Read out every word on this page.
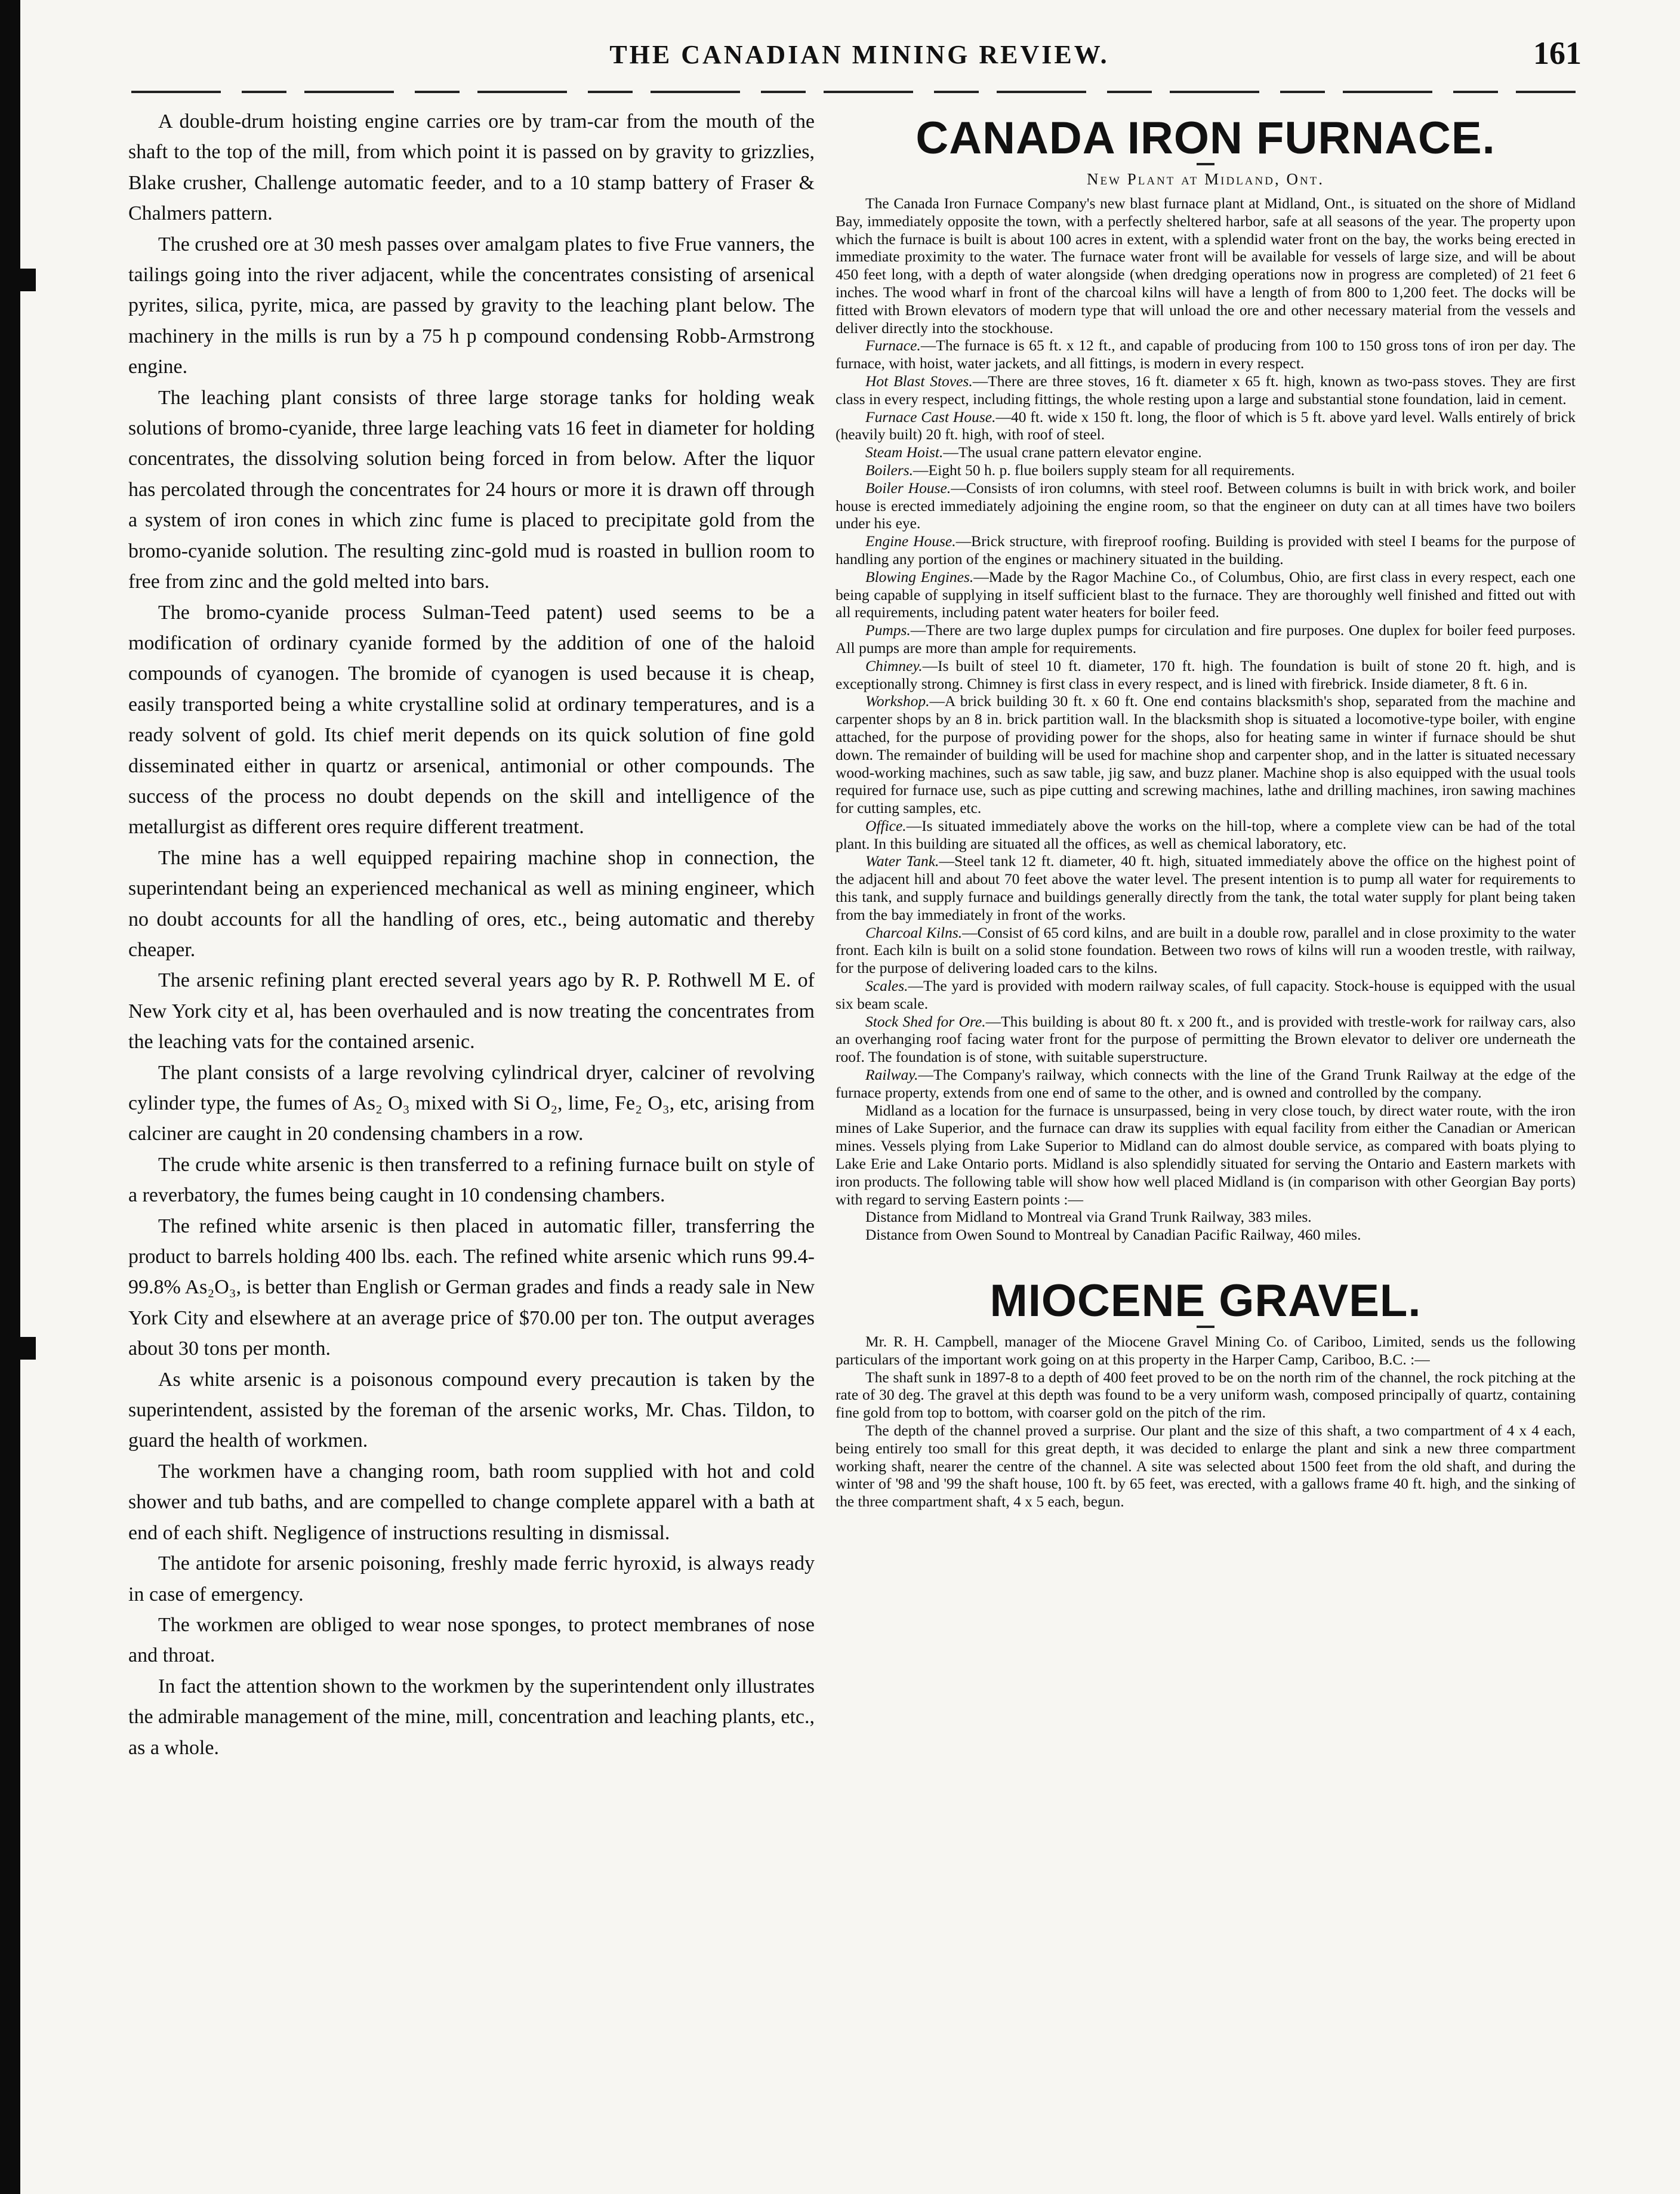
THE CANADIAN MINING REVIEW.	161

A double-drum hoisting engine carries ore by tram-car from the mouth of the shaft to the top of the mill, from which point it is passed on by gravity to grizzlies, Blake crusher, Challenge automatic feeder, and to a 10 stamp battery of Fraser & Chalmers pattern.

The crushed ore at 30 mesh passes over amalgam plates to five Frue vanners, the tailings going into the river adjacent, while the concentrates consisting of arsenical pyrites, silica, pyrite, mica, are passed by gravity to the leaching plant below. The machinery in the mills is run by a 75 h p compound condensing Robb-Armstrong engine.

The leaching plant consists of three large storage tanks for holding weak solutions of bromo-cyanide, three large leaching vats 16 feet in diameter for holding concentrates, the dissolving solution being forced in from below. After the liquor has percolated through the concentrates for 24 hours or more it is drawn off through a system of iron cones in which zinc fume is placed to precipitate gold from the bromo-cyanide solution. The resulting zinc-gold mud is roasted in bullion room to free from zinc and the gold melted into bars.

The bromo-cyanide process Sulman-Teed patent) used seems to be a modification of ordinary cyanide formed by the addition of one of the haloid compounds of cyanogen. The bromide of cyanogen is used because it is cheap, easily transported being a white crystalline solid at ordinary temperatures, and is a ready solvent of gold. Its chief merit depends on its quick solution of fine gold disseminated either in quartz or arsenical, antimonial or other compounds. The success of the process no doubt depends on the skill and intelligence of the metallurgist as different ores require different treatment.

The mine has a well equipped repairing machine shop in connection, the superintendant being an experienced mechanical as well as mining engineer, which no doubt accounts for all the handling of ores, etc., being automatic and thereby cheaper.

The arsenic refining plant erected several years ago by R. P. Rothwell M E. of New York city et al, has been overhauled and is now treating the concentrates from the leaching vats for the contained arsenic.

The plant consists of a large revolving cylindrical dryer, calciner of revolving cylinder type, the fumes of As₂ O₃ mixed with Si O₂, lime, Fe₂ O₃, etc, arising from calciner are caught in 20 condensing chambers in a row.

The crude white arsenic is then transferred to a refining furnace built on style of a reverbatory, the fumes being caught in 10 condensing chambers.

The refined white arsenic is then placed in automatic filler, transferring the product to barrels holding 400 lbs. each. The refined white arsenic which runs 99.4-99.8% As₂O₃, is better than English or German grades and finds a ready sale in New York City and elsewhere at an average price of $70.00 per ton. The output averages about 30 tons per month.

As white arsenic is a poisonous compound every precaution is taken by the superintendent, assisted by the foreman of the arsenic works, Mr. Chas. Tildon, to guard the health of workmen.

The workmen have a changing room, bath room supplied with hot and cold shower and tub baths, and are compelled to change complete apparel with a bath at end of each shift. Negligence of instructions resulting in dismissal.

The antidote for arsenic poisoning, freshly made ferric hyroxid, is always ready in case of emergency.

The workmen are obliged to wear nose sponges, to protect membranes of nose and throat.

In fact the attention shown to the workmen by the superintendent only illustrates the admirable management of the mine, mill, concentration and leaching plants, etc., as a whole.

CANADA IRON FURNACE.
New Plant at Midland, Ont.

The Canada Iron Furnace Company's new blast furnace plant at Midland, Ont., is situated on the shore of Midland Bay, immediately opposite the town, with a perfectly sheltered harbor, safe at all seasons of the year. The property upon which the furnace is built is about 100 acres in extent, with a splendid water front on the bay, the works being erected in immediate proximity to the water. The furnace water front will be available for vessels of large size, and will be about 450 feet long, with a depth of water alongside (when dredging operations now in progress are completed) of 21 feet 6 inches. The wood wharf in front of the charcoal kilns will have a length of from 800 to 1,200 feet. The docks will be fitted with Brown elevators of modern type that will unload the ore and other necessary material from the vessels and deliver directly into the stockhouse.

Furnace.—The furnace is 65 ft. x 12 ft., and capable of producing from 100 to 150 gross tons of iron per day. The furnace, with hoist, water jackets, and all fittings, is modern in every respect.

Hot Blast Stoves.—There are three stoves, 16 ft. diameter x 65 ft. high, known as two-pass stoves. They are first class in every respect, including fittings, the whole resting upon a large and substantial stone foundation, laid in cement.

Furnace Cast House.—40 ft. wide x 150 ft. long, the floor of which is 5 ft. above yard level. Walls entirely of brick (heavily built) 20 ft. high, with roof of steel.

Steam Hoist.—The usual crane pattern elevator engine.

Boilers.—Eight 50 h. p. flue boilers supply steam for all requirements.

Boiler House.—Consists of iron columns, with steel roof. Between columns is built in with brick work, and boiler house is erected immediately adjoining the engine room, so that the engineer on duty can at all times have two boilers under his eye.

Engine House.—Brick structure, with fireproof roofing. Building is provided with steel I beams for the purpose of handling any portion of the engines or machinery situated in the building.

Blowing Engines.—Made by the Ragor Machine Co., of Columbus, Ohio, are first class in every respect, each one being capable of supplying in itself sufficient blast to the furnace. They are thoroughly well finished and fitted out with all requirements, including patent water heaters for boiler feed.

Pumps.—There are two large duplex pumps for circulation and fire purposes. One duplex for boiler feed purposes. All pumps are more than ample for requirements.

Chimney.—Is built of steel 10 ft. diameter, 170 ft. high. The foundation is built of stone 20 ft. high, and is exceptionally strong. Chimney is first class in every respect, and is lined with firebrick. Inside diameter, 8 ft. 6 in.

Workshop.—A brick building 30 ft. x 60 ft. One end contains blacksmith's shop, separated from the machine and carpenter shops by an 8 in. brick partition wall. In the blacksmith shop is situated a locomotive-type boiler, with engine attached, for the purpose of providing power for the shops, also for heating same in winter if furnace should be shut down. The remainder of building will be used for machine shop and carpenter shop, and in the latter is situated necessary wood-working machines, such as saw table, jig saw, and buzz planer. Machine shop is also equipped with the usual tools required for furnace use, such as pipe cutting and screwing machines, lathe and drilling machines, iron sawing machines for cutting samples, etc.

Office.—Is situated immediately above the works on the hill-top, where a complete view can be had of the total plant. In this building are situated all the offices, as well as chemical laboratory, etc.

Water Tank.—Steel tank 12 ft. diameter, 40 ft. high, situated immediately above the office on the highest point of the adjacent hill and about 70 feet above the water level. The present intention is to pump all water for requirements to this tank, and supply furnace and buildings generally directly from the tank, the total water supply for plant being taken from the bay immediately in front of the works.

Charcoal Kilns.—Consist of 65 cord kilns, and are built in a double row, parallel and in close proximity to the water front. Each kiln is built on a solid stone foundation. Between two rows of kilns will run a wooden trestle, with railway, for the purpose of delivering loaded cars to the kilns.

Scales.—The yard is provided with modern railway scales, of full capacity. Stock-house is equipped with the usual six beam scale.

Stock Shed for Ore.—This building is about 80 ft. x 200 ft., and is provided with trestle-work for railway cars, also an overhanging roof facing water front for the purpose of permitting the Brown elevator to deliver ore underneath the roof. The foundation is of stone, with suitable superstructure.

Railway.—The Company's railway, which connects with the line of the Grand Trunk Railway at the edge of the furnace property, extends from one end of same to the other, and is owned and controlled by the company.

Midland as a location for the furnace is unsurpassed, being in very close touch, by direct water route, with the iron mines of Lake Superior, and the furnace can draw its supplies with equal facility from either the Canadian or American mines. Vessels plying from Lake Superior to Midland can do almost double service, as compared with boats plying to Lake Erie and Lake Ontario ports. Midland is also splendidly situated for serving the Ontario and Eastern markets with iron products. The following table will show how well placed Midland is (in comparison with other Georgian Bay ports) with regard to serving Eastern points :—

Distance from Midland to Montreal via Grand Trunk Railway, 383 miles.

Distance from Owen Sound to Montreal by Canadian Pacific Railway, 460 miles.

MIOCENE GRAVEL.

Mr. R. H. Campbell, manager of the Miocene Gravel Mining Co. of Cariboo, Limited, sends us the following particulars of the important work going on at this property in the Harper Camp, Cariboo, B.C. :—

The shaft sunk in 1897-8 to a depth of 400 feet proved to be on the north rim of the channel, the rock pitching at the rate of 30 deg. The gravel at this depth was found to be a very uniform wash, composed principally of quartz, containing fine gold from top to bottom, with coarser gold on the pitch of the rim.

The depth of the channel proved a surprise. Our plant and the size of this shaft, a two compartment of 4 x 4 each, being entirely too small for this great depth, it was decided to enlarge the plant and sink a new three compartment working shaft, nearer the centre of the channel. A site was selected about 1500 feet from the old shaft, and during the winter of '98 and '99 the shaft house, 100 ft. by 65 feet, was erected, with a gallows frame 40 ft. high, and the sinking of the three compartment shaft, 4 x 5 each, begun.
